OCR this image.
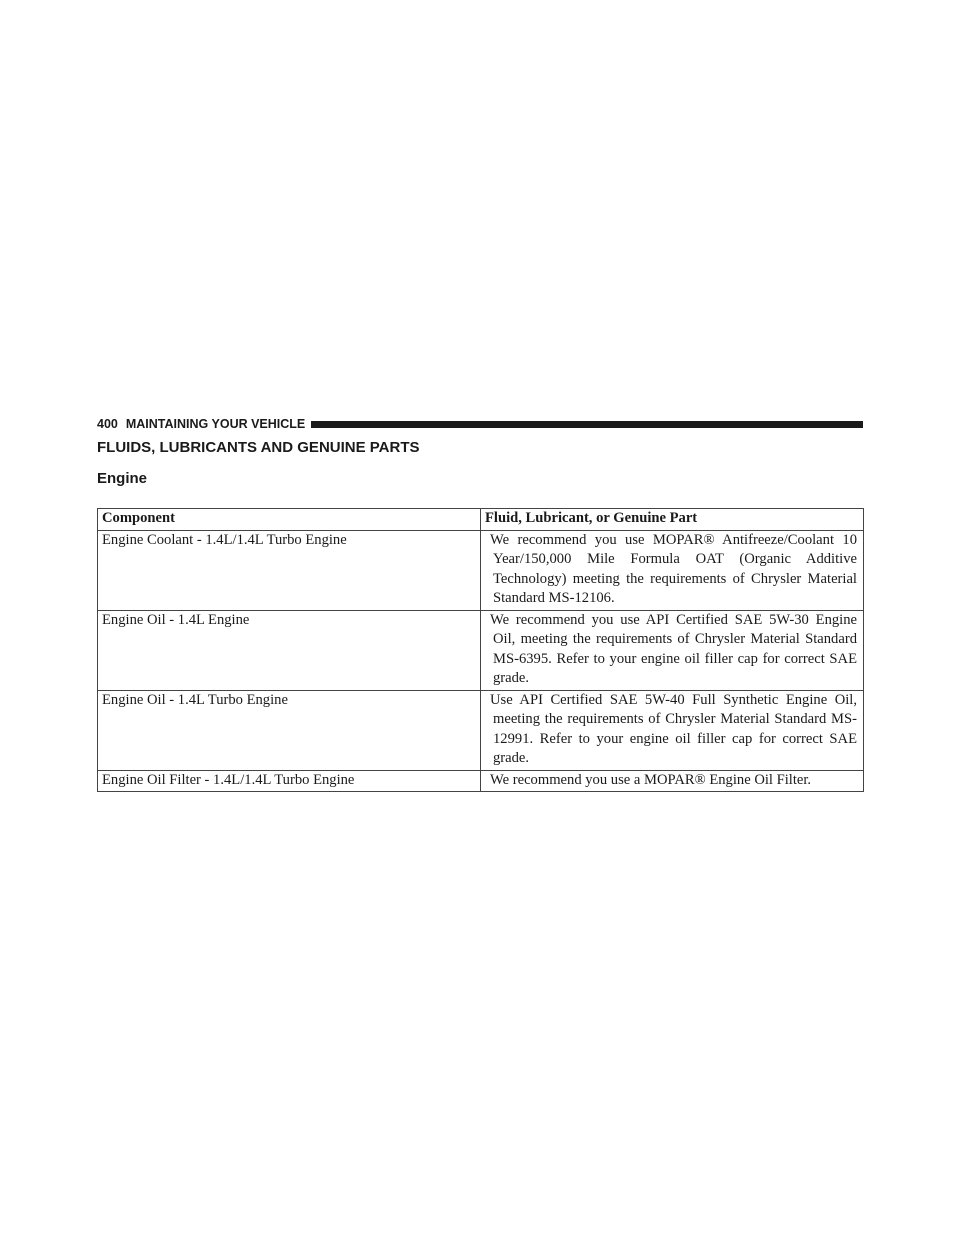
400 MAINTAINING YOUR VEHICLE
FLUIDS, LUBRICANTS AND GENUINE PARTS
Engine
Component	Fluid, Lubricant, or Genuine Part
Engine Coolant - 1.4L/1.4L Turbo Engine	We recommend you use MOPAR® Antifreeze/Coolant 10 Year/150,000 Mile Formula OAT (Organic Additive Technology) meeting the requirements of Chrysler Material Standard MS-12106.
Engine Oil - 1.4L Engine	We recommend you use API Certified SAE 5W-30 Engine Oil, meeting the requirements of Chrysler Material Standard MS-6395. Refer to your engine oil filler cap for correct SAE grade.
Engine Oil - 1.4L Turbo Engine	Use API Certified SAE 5W-40 Full Synthetic Engine Oil, meeting the requirements of Chrysler Material Standard MS-12991. Refer to your engine oil filler cap for correct SAE grade.
Engine Oil Filter - 1.4L/1.4L Turbo Engine	We recommend you use a MOPAR® Engine Oil Filter.
